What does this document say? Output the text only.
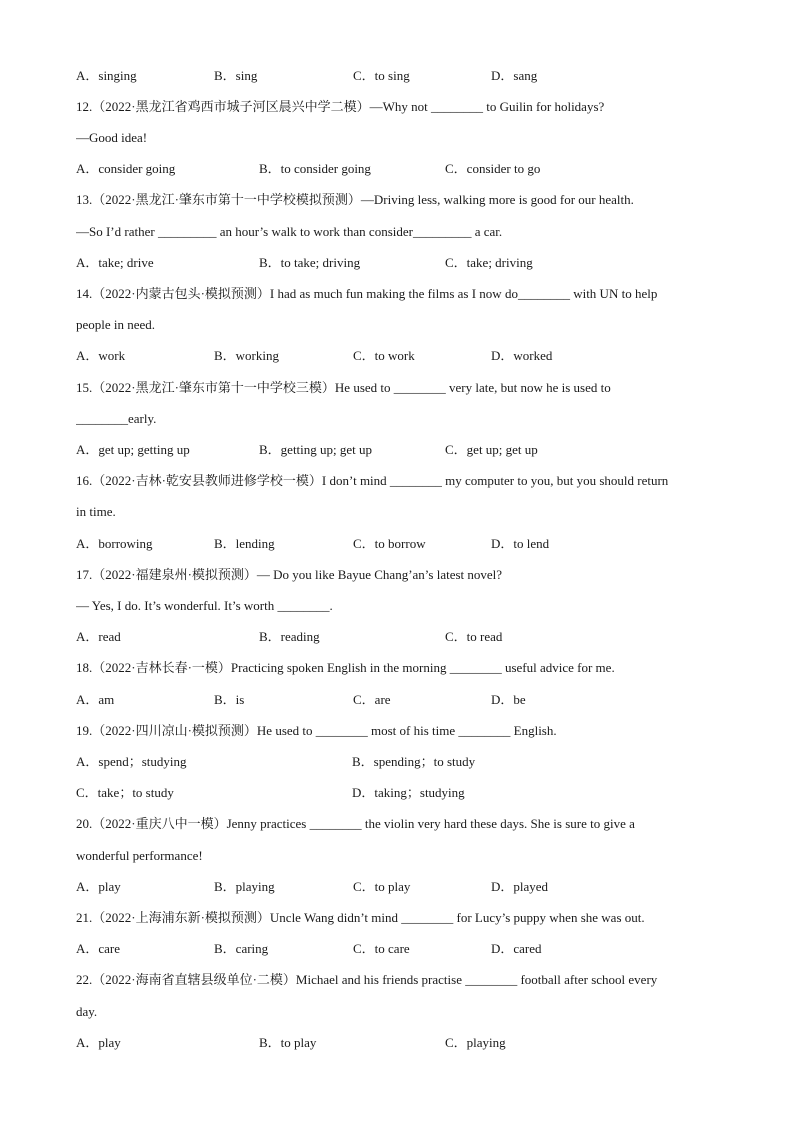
A．singing	B．sing	C．to sing	D．sang
12.（2022·黑龙江省鸡西市城子河区晨兴中学二模）—Why not ________ to Guilin for holidays?
—Good idea!
A．consider going	B．to consider going	C．consider to go
13.（2022·黑龙江·肇东市第十一中学校模拟预测）—Driving less, walking more is good for our health.
—So I’d rather _________ an hour’s walk to work than consider_________ a car.
A．take; drive	B．to take; driving	C．take; driving
14.（2022·内蒙古包头·模拟预测）I had as much fun making the films as I now do________ with UN to help
people in need.
A．work	B．working	C．to work	D．worked
15.（2022·黑龙江·肇东市第十一中学校三模）He used to ________ very late, but now he is used to
________early.
A．get up; getting up	B．getting up; get up	C．get up; get up
16.（2022·吉林·乾安县教师进修学校一模）I don’t mind ________ my computer to you, but you should return
in time.
A．borrowing	B．lending	C．to borrow	D．to lend
17.（2022·福建泉州·模拟预测）— Do you like Bayue Chang’an’s latest novel?
— Yes, I do. It’s wonderful. It’s worth ________.
A．read	B．reading	C．to read
18.（2022·吉林长春·一模）Practicing spoken English in the morning ________ useful advice for me.
A．am	B．is	C．are	D．be
19.（2022·四川凉山·模拟预测）He used to ________ most of his time ________ English.
A．spend；studying	B．spending；to study
C．take；to study	D．taking；studying
20.（2022·重庆八中一模）Jenny practices ________ the violin very hard these days. She is sure to give a
wonderful performance!
A．play	B．playing	C．to play	D．played
21.（2022·上海浦东新·模拟预测）Uncle Wang didn’t mind ________ for Lucy’s puppy when she was out.
A．care	B．caring	C．to care	D．cared
22.（2022·海南省直辖县级单位·二模）Michael and his friends practise ________ football after school every
day.
A．play	B．to play	C．playing
